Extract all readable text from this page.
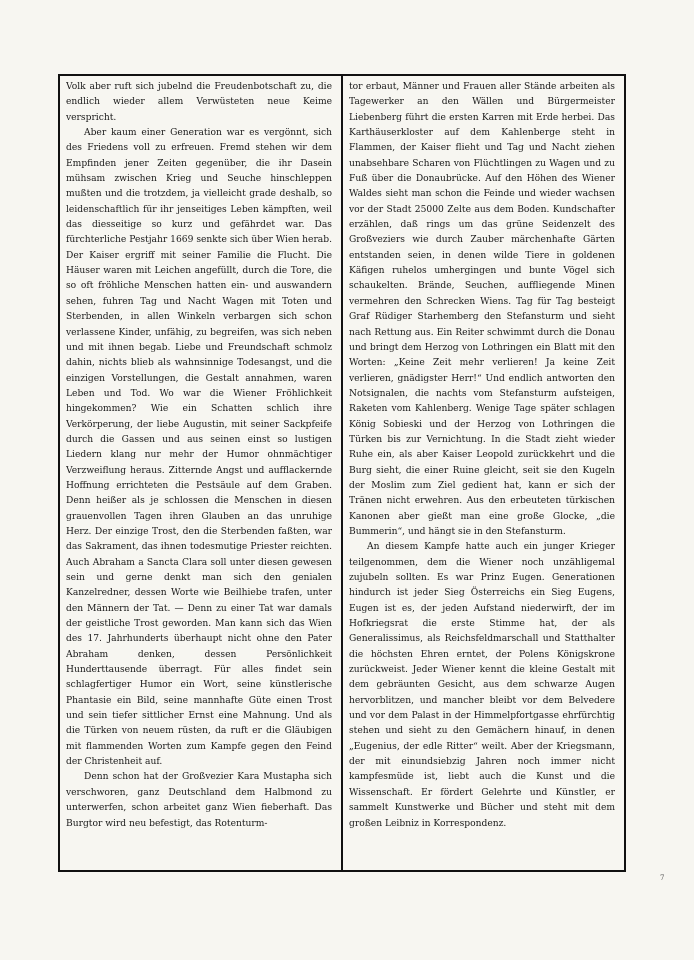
Volk aber ruft sich jubelnd die Freudenbotschaft zu, die endlich wieder allem Verwüsteten neue Keime verspricht.

Aber kaum einer Generation war es vergönnt, sich des Friedens voll zu erfreuen. Fremd stehen wir dem Empfinden jener Zeiten gegenüber, die ihr Dasein mühsam zwischen Krieg und Seuche hinschleppen mußten und die trotzdem, ja vielleicht grade deshalb, so leidenschaftlich für ihr jenseitiges Leben kämpften, weil das diesseitige so kurz und gefährdet war. Das fürchterliche Pestjahr 1669 senkte sich über Wien herab. Der Kaiser ergriff mit seiner Familie die Flucht. Die Häuser waren mit Leichen angefüllt, durch die Tore, die so oft fröhliche Menschen hatten ein- und auswandern sehen, fuhren Tag und Nacht Wagen mit Toten und Sterbenden, in allen Winkeln verbargen sich schon verlassene Kinder, unfähig, zu begreifen, was sich neben und mit ihnen begab. Liebe und Freundschaft schmolz dahin, nichts blieb als wahnsinnige Todesangst, und die einzigen Vorstellungen, die Gestalt annahmen, waren Leben und Tod. Wo war die Wiener Fröhlichkeit hingekommen? Wie ein Schatten schlich ihre Verkörperung, der liebe Augustin, mit seiner Sackpfeife durch die Gassen und aus seinen einst so lustigen Liedern klang nur mehr der Humor ohnmächtiger Verzweiflung heraus. Zitternde Angst und aufflackernde Hoffnung errichteten die Pestsäule auf dem Graben. Denn heißer als je schlossen die Menschen in diesen grauenvollen Tagen ihren Glauben an das unruhige Herz. Der einzige Trost, den die Sterbenden faßten, war das Sakrament, das ihnen todesmutige Priester reichten. Auch Abraham a Sancta Clara soll unter diesen gewesen sein und gerne denkt man sich den genialen Kanzelredner, dessen Worte wie Beilhiebe trafen, unter den Männern der Tat. — Denn zu einer Tat war damals der geistliche Trost geworden. Man kann sich das Wien des 17. Jahrhunderts überhaupt nicht ohne den Pater Abraham denken, dessen Persönlichkeit Hunderttausende überragt. Für alles findet sein schlagfertiger Humor ein Wort, seine künstlerische Phantasie ein Bild, seine mannhafte Güte einen Trost und sein tiefer sittlicher Ernst eine Mahnung. Und als die Türken von neuem rüsten, da ruft er die Gläubigen mit flammenden Worten zum Kampfe gegen den Feind der Christenheit auf.

Denn schon hat der Großvezier Kara Mustapha sich verschworen, ganz Deutschland dem Halbmond zu unterwerfen, schon arbeitet ganz Wien fieberhaft. Das Burgtor wird neu befestigt, das Rotenturm-

tor erbaut, Männer und Frauen aller Stände arbeiten als Tagewerker an den Wällen und Bürgermeister Liebenberg führt die ersten Karren mit Erde herbei. Das Karthäuserkloster auf dem Kahlenberge steht in Flammen, der Kaiser flieht und Tag und Nacht ziehen unabsehbare Scharen von Flüchtlingen zu Wagen und zu Fuß über die Donaubrücke. Auf den Höhen des Wiener Waldes sieht man schon die Feinde und wieder wachsen vor der Stadt 25000 Zelte aus dem Boden. Kundschafter erzählen, daß rings um das grüne Seidenzelt des Großveziers wie durch Zauber märchenhafte Gärten entstanden seien, in denen wilde Tiere in goldenen Käfigen ruhelos umhergingen und bunte Vögel sich schaukelten. Brände, Seuchen, auffliegende Minen vermehren den Schrecken Wiens. Tag für Tag besteigt Graf Rüdiger Starhemberg den Stefansturm und sieht nach Rettung aus. Ein Reiter schwimmt durch die Donau und bringt dem Herzog von Lothringen ein Blatt mit den Worten: „Keine Zeit mehr verlieren! Ja keine Zeit verlieren, gnädigster Herr!“ Und endlich antworten den Notsignalen, die nachts vom Stefansturm aufsteigen, Raketen vom Kahlenberg. Wenige Tage später schlagen König Sobieski und der Herzog von Lothringen die Türken bis zur Vernichtung. In die Stadt zieht wieder Ruhe ein, als aber Kaiser Leopold zurückkehrt und die Burg sieht, die einer Ruine gleicht, seit sie den Kugeln der Moslim zum Ziel gedient hat, kann er sich der Tränen nicht erwehren. Aus den erbeuteten türkischen Kanonen aber gießt man eine große Glocke, „die Bummerin“, und hängt sie in den Stefansturm.

An diesem Kampfe hatte auch ein junger Krieger teilgenommen, dem die Wiener noch unzähligemal zujubeln sollten. Es war Prinz Eugen. Generationen hindurch ist jeder Sieg Österreichs ein Sieg Eugens, Eugen ist es, der jeden Aufstand niederwirft, der im Hofkriegsrat die erste Stimme hat, der als Generalissimus, als Reichsfeldmarschall und Statthalter die höchsten Ehren erntet, der Polens Königskrone zurückweist. Jeder Wiener kennt die kleine Gestalt mit dem gebräunten Gesicht, aus dem schwarze Augen hervorblitzen, und mancher bleibt vor dem Belvedere und vor dem Palast in der Himmelpfortgasse ehrfürchtig stehen und sieht zu den Gemächern hinauf, in denen „Eugenius, der edle Ritter“ weilt. Aber der Kriegsmann, der mit einundsiebzig Jahren noch immer nicht kampfesmüde ist, liebt auch die Kunst und die Wissenschaft. Er fördert Gelehrte und Künstler, er sammelt Kunstwerke und Bücher und steht mit dem großen Leibniz in Korrespondenz.

7
